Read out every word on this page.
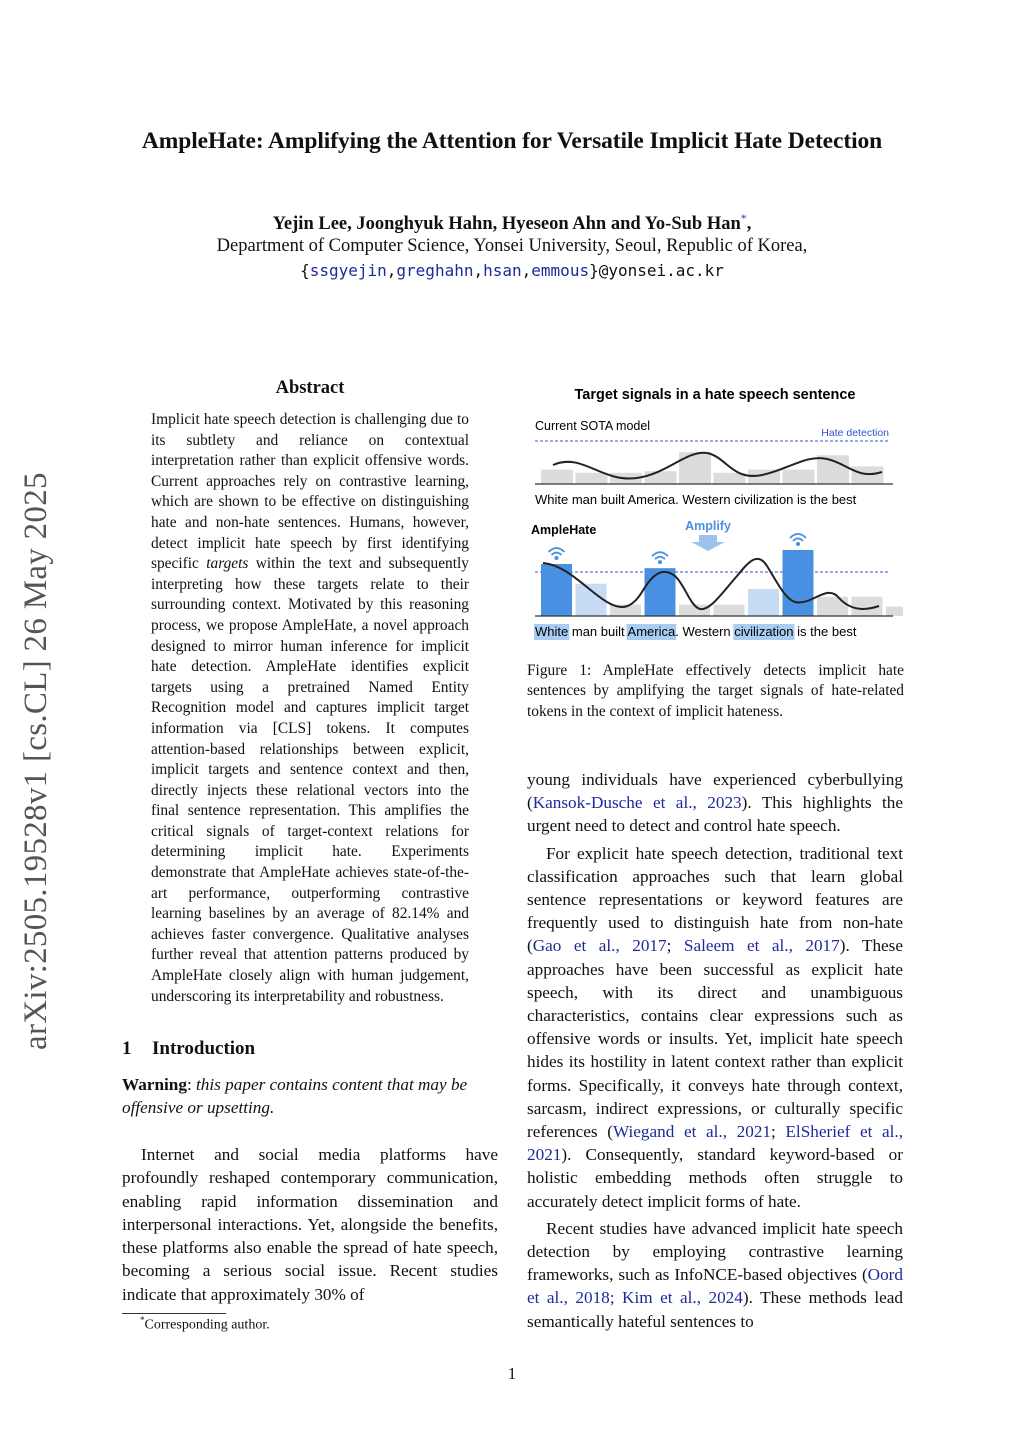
AmpleHate: Amplifying the Attention for Versatile Implicit Hate Detection
Yejin Lee, Joonghyuk Hahn, Hyeseon Ahn and Yo-Sub Han*,
Department of Computer Science, Yonsei University, Seoul, Republic of Korea,
{ssgyejin,greghahn,hsan,emmous}@yonsei.ac.kr
arXiv:2505.19528v1 [cs.CL] 26 May 2025
Abstract
Implicit hate speech detection is challenging due to its subtlety and reliance on contextual interpretation rather than explicit offensive words. Current approaches rely on contrastive learning, which are shown to be effective on distinguishing hate and non-hate sentences. Humans, however, detect implicit hate speech by first identifying specific targets within the text and subsequently interpreting how these targets relate to their surrounding context. Motivated by this reasoning process, we propose AmpleHate, a novel approach designed to mirror human inference for implicit hate detection. AmpleHate identifies explicit targets using a pretrained Named Entity Recognition model and captures implicit target information via [CLS] tokens. It computes attention-based relationships between explicit, implicit targets and sentence context and then, directly injects these relational vectors into the final sentence representation. This amplifies the critical signals of target-context relations for determining implicit hate. Experiments demonstrate that AmpleHate achieves state-of-the-art performance, outperforming contrastive learning baselines by an average of 82.14% and achieves faster convergence. Qualitative analyses further reveal that attention patterns produced by AmpleHate closely align with human judgement, underscoring its interpretability and robustness.
1 Introduction
Warning: this paper contains content that may be offensive or upsetting.
Internet and social media platforms have profoundly reshaped contemporary communication, enabling rapid information dissemination and interpersonal interactions. Yet, alongside the benefits, these platforms also enable the spread of hate speech, becoming a serious social issue. Recent studies indicate that approximately 30% of
*Corresponding author.
Target signals in a hate speech sentence
Current SOTA model	Hate detection
White man built America. Western civilization is the best
AmpleHate	Amplify
White man built America. Western civilization is the best
Figure 1: AmpleHate effectively detects implicit hate sentences by amplifying the target signals of hate-related tokens in the context of implicit hateness.

young individuals have experienced cyberbullying (Kansok-Dusche et al., 2023). This highlights the urgent need to detect and control hate speech.

For explicit hate speech detection, traditional text classification approaches such that learn global sentence representations or keyword features are frequently used to distinguish hate from non-hate (Gao et al., 2017; Saleem et al., 2017). These approaches have been successful as explicit hate speech, with its direct and unambiguous characteristics, contains clear expressions such as offensive words or insults. Yet, implicit hate speech hides its hostility in latent context rather than explicit forms. Specifically, it conveys hate through context, sarcasm, indirect expressions, or culturally specific references (Wiegand et al., 2021; ElSherief et al., 2021). Consequently, standard keyword-based or holistic embedding methods often struggle to accurately detect implicit forms of hate.

Recent studies have advanced implicit hate speech detection by employing contrastive learning frameworks, such as InfoNCE-based objectives (Oord et al., 2018; Kim et al., 2024). These methods lead semantically hateful sentences to

1
